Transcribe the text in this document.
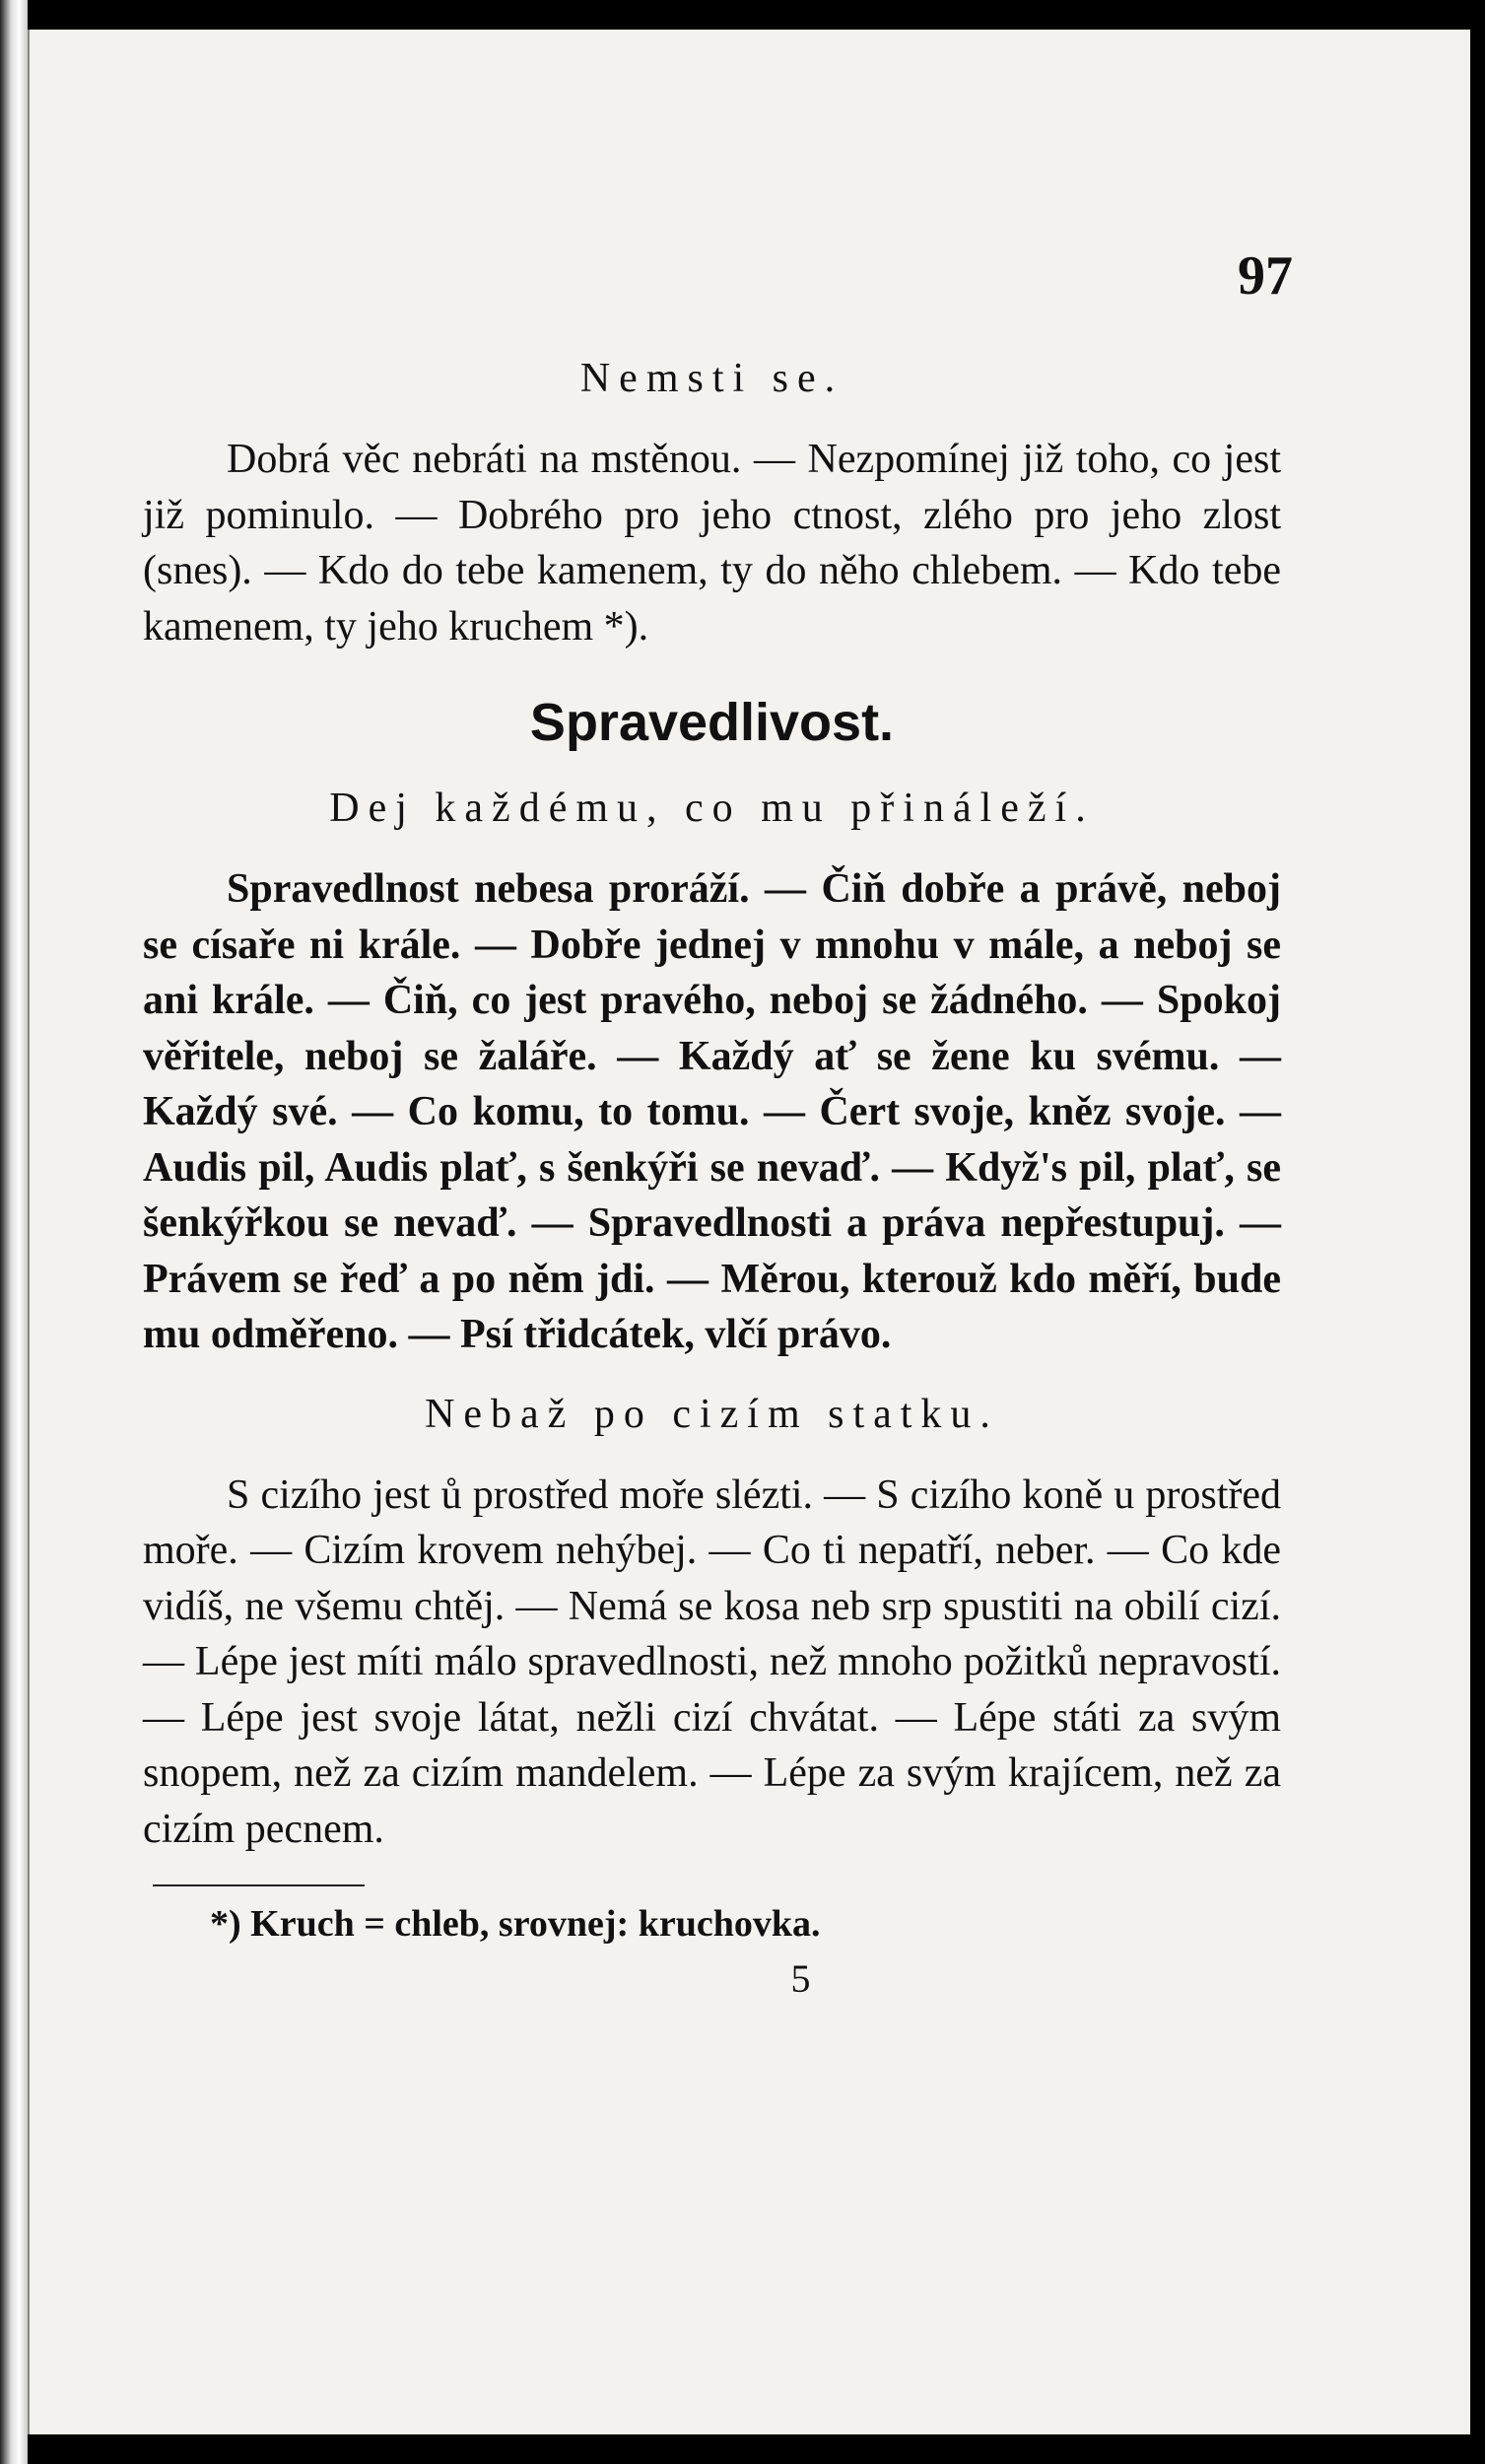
97
Nemsti se.

Dobrá věc nebráti na mstěnou. — Nezpomínej již toho, co jest již pominulo. — Dobrého pro jeho ctnost, zlého pro jeho zlost (snes). — Kdo do tebe kamenem, ty do něho chlebem. — Kdo tebe kamenem, ty jeho kruchem *).

Spravedlivost.
Dej každému, co mu přináleží.

Spravedlnost nebesa proráží. — Čiň dobře a právě, neboj se císaře ni krále. — Dobře jednej v mnohu v mále, a neboj se ani krále. — Čiň, co jest pravého, neboj se žádného. — Spokoj věřitele, neboj se žaláře. — Každý ať se žene ku svému. — Každý své. — Co komu, to tomu. — Čert svoje, kněz svoje. — Audis pil, Audis plať, s šenkýři se nevaď. — Když's pil, plať, se šenkýřkou se nevaď. — Spravedlnosti a práva nepřestupuj. — Právem se řeď a po něm jdi. — Měrou, kterouž kdo měří, bude mu odměřeno. — Psí třidcátek, vlčí právo.

Nebaž po cizím statku.

S cizího jest ů prostřed moře slézti. — S cizího koně u prostřed moře. — Cizím krovem nehýbej. — Co ti nepatří, neber. — Co kde vidíš, ne všemu chtěj. — Nemá se kosa neb srp spustiti na obilí cizí. — Lépe jest míti málo spravedlnosti, než mnoho požitků nepravostí. — Lépe jest svoje látat, nežli cizí chvátat. — Lépe státi za svým snopem, než za cizím mandelem. — Lépe za svým krajícem, než za cizím pecnem.

*) Kruch = chleb, srovnej: kruchovka.
5
